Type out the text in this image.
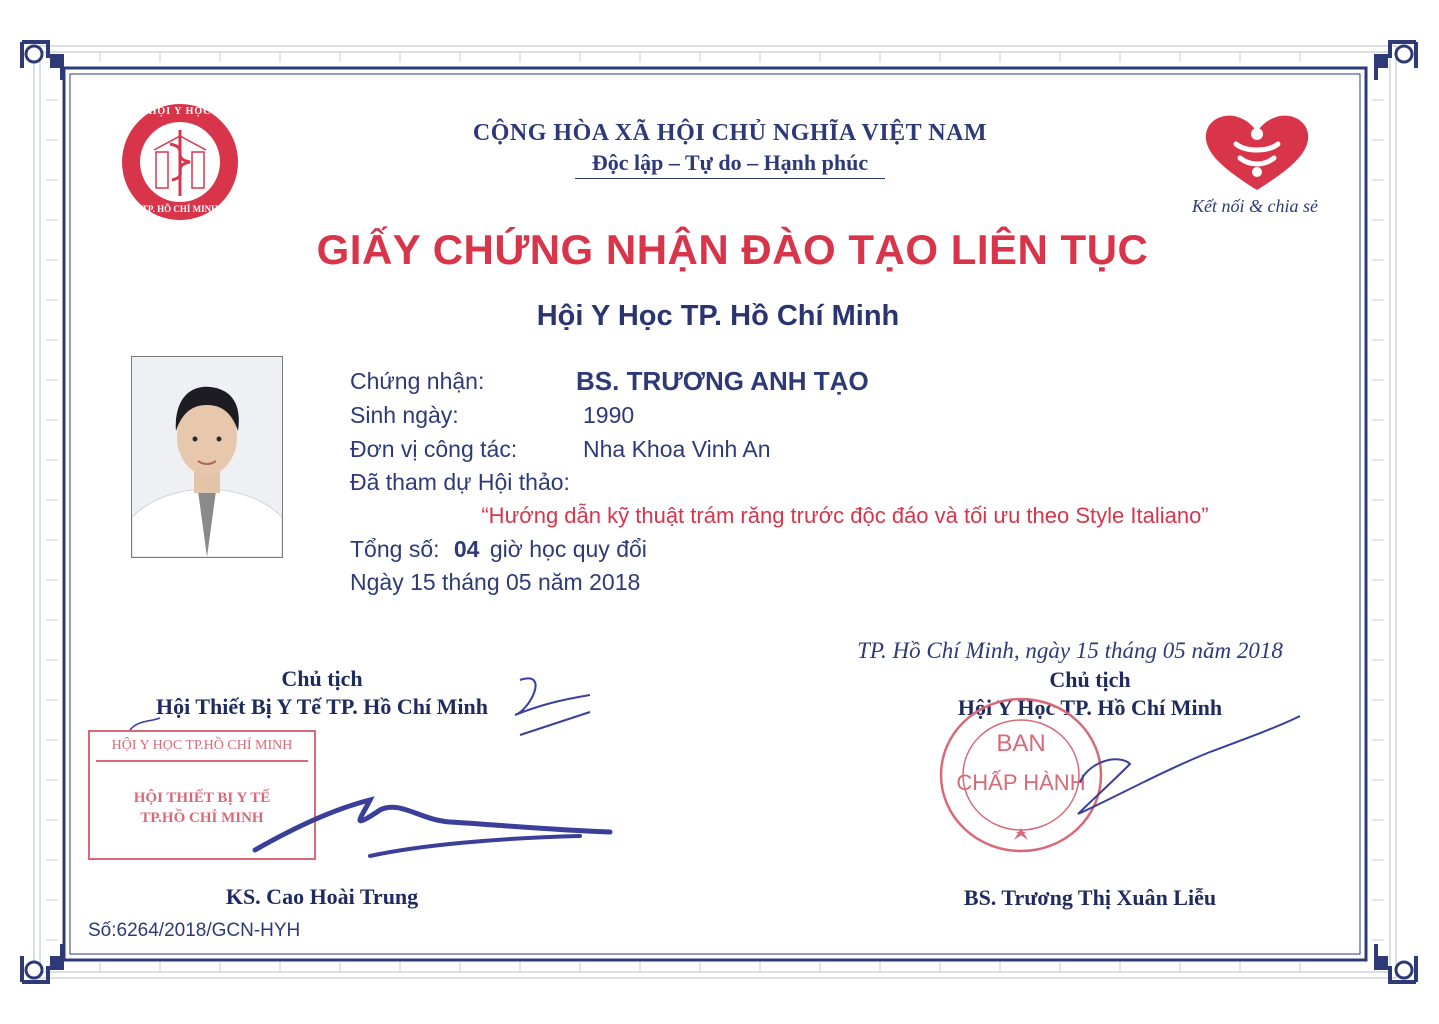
HỘI Y HỌC
TP. HỒ CHÍ MINH
CỘNG HÒA XÃ HỘI CHỦ NGHĨA VIỆT NAM
Độc lập – Tự do – Hạnh phúc
Kết nối & chia sẻ
GIẤY CHỨNG NHẬN ĐÀO TẠO LIÊN TỤC
Hội Y Học TP. Hồ Chí Minh
Chứng nhận:	BS. TRƯƠNG ANH TẠO
Sinh ngày:	1990
Đơn vị công tác:	Nha Khoa Vinh An
Đã tham dự Hội thảo:
“Hướng dẫn kỹ thuật trám răng trước độc đáo và tối ưu theo Style Italiano”
Tổng số: 04 giờ học quy đổi
Ngày 15 tháng 05 năm 2018
TP. Hồ Chí Minh, ngày 15 tháng 05 năm 2018
Chủ tịch
Hội Thiết Bị Y Tế TP. Hồ Chí Minh
HỘI Y HỌC TP.HỒ CHÍ MINH
HỘI THIẾT BỊ Y TẾ
TP.HỒ CHÍ MINH
KS. Cao Hoài Trung
Chủ tịch
Hội Y Học TP. Hồ Chí Minh
BAN
CHẤP HÀNH
BS. Trương Thị Xuân Liễu
Số:6264/2018/GCN-HYH
